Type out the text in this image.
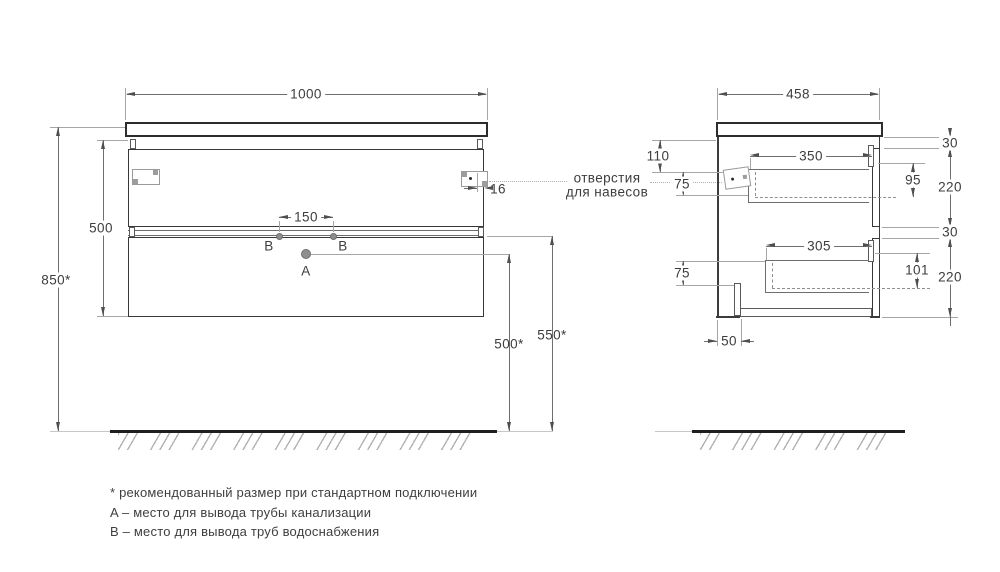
1000
850*
500
150
B	B
A
16
отверстия
для навесов
550*
500*
458
110
75
350
305
95
101
75
50
30
220
30
220
* рекомендованный размер при стандартном подключении
A – место для вывода трубы канализации
B – место для вывода труб водоснабжения
